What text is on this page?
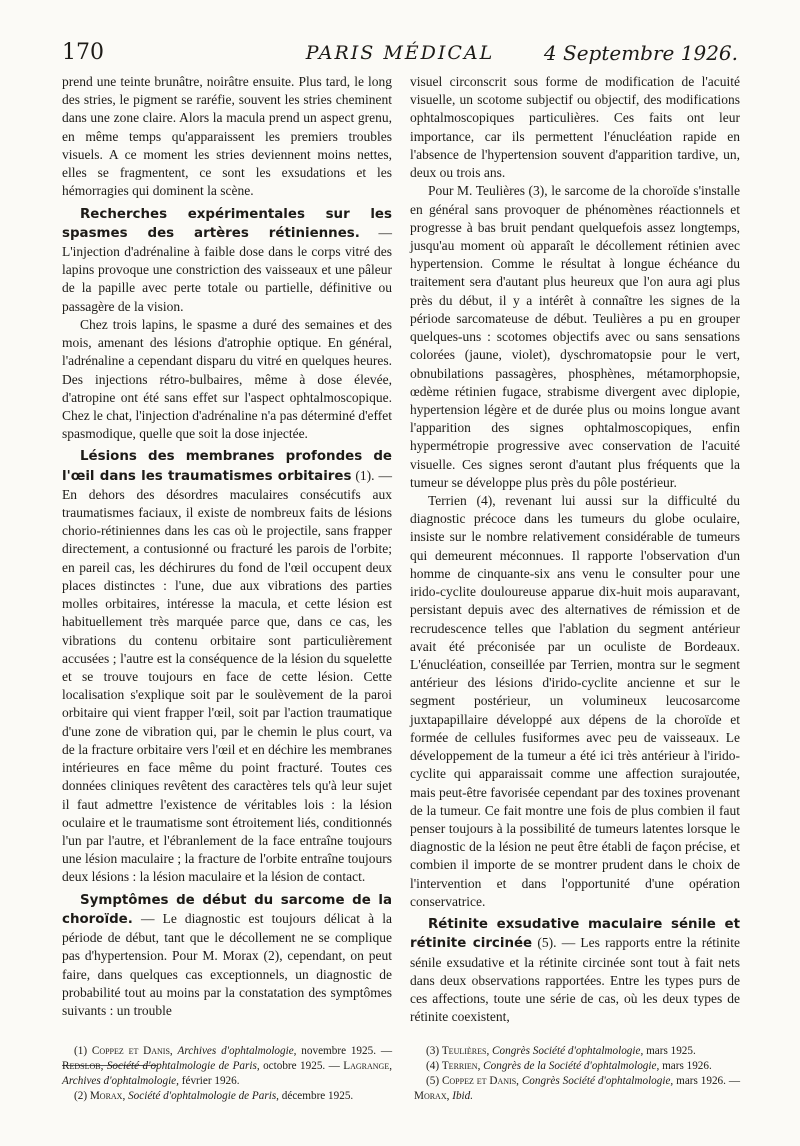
170	PARIS MÉDICAL	4 Septembre 1926.

prend une teinte brunâtre, noirâtre ensuite. Plus tard, le long des stries, le pigment se raréfie, souvent les stries cheminent dans une zone claire. Alors la macula prend un aspect grenu, en même temps qu'apparaissent les premiers troubles visuels. A ce moment les stries deviennent moins nettes, elles se fragmentent, ce sont les exsudations et les hémorragies qui dominent la scène.

Recherches expérimentales sur les spasmes des artères rétiniennes. — L'injection d'adrénaline à faible dose dans le corps vitré des lapins provoque une constriction des vaisseaux et une pâleur de la papille avec perte totale ou partielle, définitive ou passagère de la vision.

Chez trois lapins, le spasme a duré des semaines et des mois, amenant des lésions d'atrophie optique. En général, l'adrénaline a cependant disparu du vitré en quelques heures. Des injections rétro-bulbaires, même à dose élevée, d'atropine ont été sans effet sur l'aspect ophtalmoscopique. Chez le chat, l'injection d'adrénaline n'a pas déterminé d'effet spasmodique, quelle que soit la dose injectée.

Lésions des membranes profondes de l'œil dans les traumatismes orbitaires (1). — En dehors des désordres maculaires consécutifs aux traumatismes faciaux, il existe de nombreux faits de lésions chorio-rétiniennes dans les cas où le projectile, sans frapper directement, a contusionné ou fracturé les parois de l'orbite; en pareil cas, les déchirures du fond de l'œil occupent deux places distinctes : l'une, due aux vibrations des parties molles orbitaires, intéresse la macula, et cette lésion est habituellement très marquée parce que, dans ce cas, les vibrations du contenu orbitaire sont particulièrement accusées ; l'autre est la conséquence de la lésion du squelette et se trouve toujours en face de cette lésion. Cette localisation s'explique soit par le soulèvement de la paroi orbitaire qui vient frapper l'œil, soit par l'action traumatique d'une zone de vibration qui, par le chemin le plus court, va de la fracture orbitaire vers l'œil et en déchire les membranes intérieures en face même du point fracturé. Toutes ces données cliniques revêtent des caractères tels qu'à leur sujet il faut admettre l'existence de véritables lois : la lésion oculaire et le traumatisme sont étroitement liés, conditionnés l'un par l'autre, et l'ébranlement de la face entraîne toujours une lésion maculaire ; la fracture de l'orbite entraîne toujours deux lésions : la lésion maculaire et la lésion de contact.

Symptômes de début du sarcome de la choroïde. — Le diagnostic est toujours délicat à la période de début, tant que le décollement ne se complique pas d'hypertension. Pour M. Morax (2), cependant, on peut faire, dans quelques cas exceptionnels, un diagnostic de probabilité tout au moins par la constatation des symptômes suivants : un trouble

visuel circonscrit sous forme de modification de l'acuité visuelle, un scotome subjectif ou objectif, des modifications ophtalmoscopiques particulières. Ces faits ont leur importance, car ils permettent l'énucléation rapide en l'absence de l'hypertension souvent d'apparition tardive, un, deux ou trois ans.

Pour M. Teulières (3), le sarcome de la choroïde s'installe en général sans provoquer de phénomènes réactionnels et progresse à bas bruit pendant quelquefois assez longtemps, jusqu'au moment où apparaît le décollement rétinien avec hypertension. Comme le résultat à longue échéance du traitement sera d'autant plus heureux que l'on aura agi plus près du début, il y a intérêt à connaître les signes de la période sarcomateuse de début. Teulières a pu en grouper quelques-uns : scotomes objectifs avec ou sans sensations colorées (jaune, violet), dyschromatopsie pour le vert, obnubilations passagères, phosphènes, métamorphopsie, œdème rétinien fugace, strabisme divergent avec diplopie, hypertension légère et de durée plus ou moins longue avant l'apparition des signes ophtalmoscopiques, enfin hypermétropie progressive avec conservation de l'acuité visuelle. Ces signes seront d'autant plus fréquents que la tumeur se développe plus près du pôle postérieur.

Terrien (4), revenant lui aussi sur la difficulté du diagnostic précoce dans les tumeurs du globe oculaire, insiste sur le nombre relativement considérable de tumeurs qui demeurent méconnues. Il rapporte l'observation d'un homme de cinquante-six ans venu le consulter pour une irido-cyclite douloureuse apparue dix-huit mois auparavant, persistant depuis avec des alternatives de rémission et de recrudescence telles que l'ablation du segment antérieur avait été préconisée par un oculiste de Bordeaux. L'énucléation, conseillée par Terrien, montra sur le segment antérieur des lésions d'irido-cyclite ancienne et sur le segment postérieur, un volumineux leucosarcome juxtapapillaire développé aux dépens de la choroïde et formée de cellules fusiformes avec peu de vaisseaux. Le développement de la tumeur a été ici très antérieur à l'irido-cyclite qui apparaissait comme une affection surajoutée, mais peut-être favorisée cependant par des toxines provenant de la tumeur. Ce fait montre une fois de plus combien il faut penser toujours à la possibilité de tumeurs latentes lorsque le diagnostic de la lésion ne peut être établi de façon précise, et combien il importe de se montrer prudent dans le choix de l'intervention et dans l'opportunité d'une opération conservatrice.

Rétinite exsudative maculaire sénile et rétinite circinée (5). — Les rapports entre la rétinite sénile exsudative et la rétinite circinée sont tout à fait nets dans deux observations rapportées. Entre les types purs de ces affections, toute une série de cas, où les deux types de rétinite coexistent,

(1) Coppez et Danis, Archives d'ophtalmologie, novembre 1925. — Redslob, Société d'ophtalmologie de Paris, octobre 1925. — Lagrange, Archives d'ophtalmologie, février 1926.

(2) Morax, Société d'ophtalmologie de Paris, décembre 1925.

(3) Teulières, Congrès Société d'ophtalmologie, mars 1925.

(4) Terrien, Congrès de la Société d'ophtalmologie, mars 1926.

(5) Coppez et Danis, Congrès Société d'ophtalmologie, mars 1926. — Morax, Ibid.
